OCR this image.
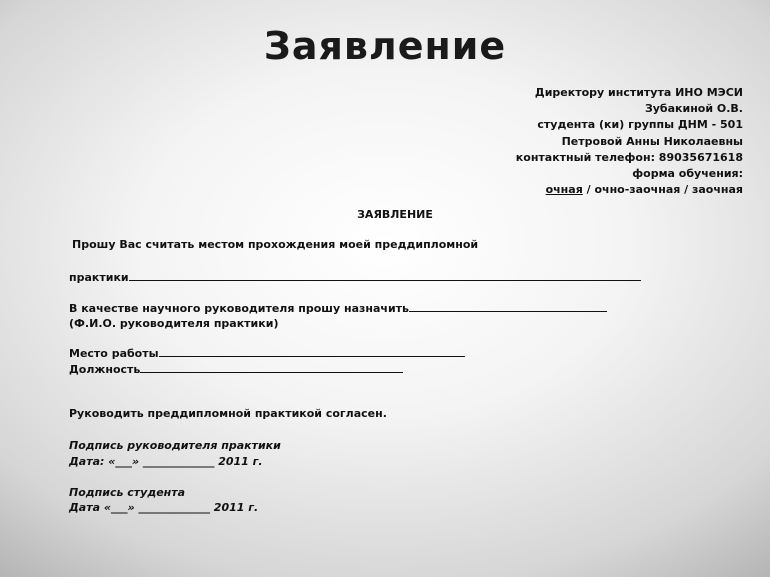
Заявление
Директору института ИНО МЭСИ
Зубакиной О.В.
студента (ки) группы ДНМ - 501
Петровой Анны Николаевны
контактный телефон: 89035671618
форма обучения:
очная / очно-заочная / заочная
ЗАЯВЛЕНИЕ
Прошу Вас считать местом прохождения моей преддипломной
практики
В качестве научного руководителя прошу назначить
(Ф.И.О. руководителя практики)
Место работы
Должность
Руководить преддипломной практикой согласен.
Подпись руководителя практики
Дата: «___» _____________ 2011 г.
Подпись студента
Дата «___» _____________ 2011 г.
